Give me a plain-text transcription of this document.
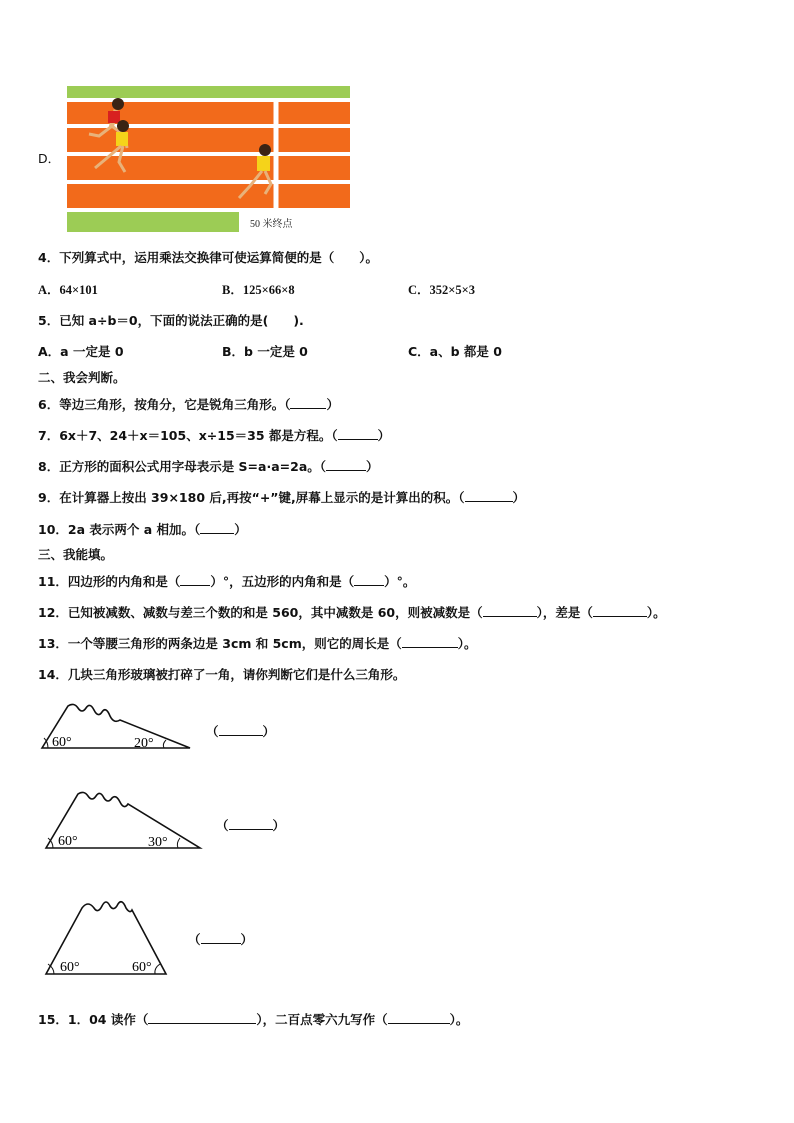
D．
50 米终点
4．下列算式中，运用乘法交换律可使运算简便的是（　　）。
A．64×101	B．125×66×8	C．352×5×3
5．已知 a÷b＝0，下面的说法正确的是(　　).
A．a 一定是 0	B．b 一定是 0	C．a、b 都是 0
二、我会判断。
6．等边三角形，按角分，它是锐角三角形。（	）
7．6x＋7、24＋x＝105、x÷15＝35 都是方程。（	）
8．正方形的面积公式用字母表示是 S=a·a=2a。（	）
9．在计算器上按出 39×180 后,再按“+”键,屏幕上显示的是计算出的积。（	）
10．2a 表示两个 a 相加。（	）
三、我能填。
11．四边形的内角和是（ ）°，五边形的内角和是（ ）°。
12．已知被减数、减数与差三个数的和是 560，其中减数是 60，则被减数是（	），差是（	）。
13．一个等腰三角形的两条边是 3cm 和 5cm，则它的周长是（	）。
14．几块三角形玻璃被打碎了一角，请你判断它们是什么三角形。
60°	20°
（	）
60°	30°
（	）
60°	60°
（	）
15．1．04 读作（	），二百点零六九写作（	）。
